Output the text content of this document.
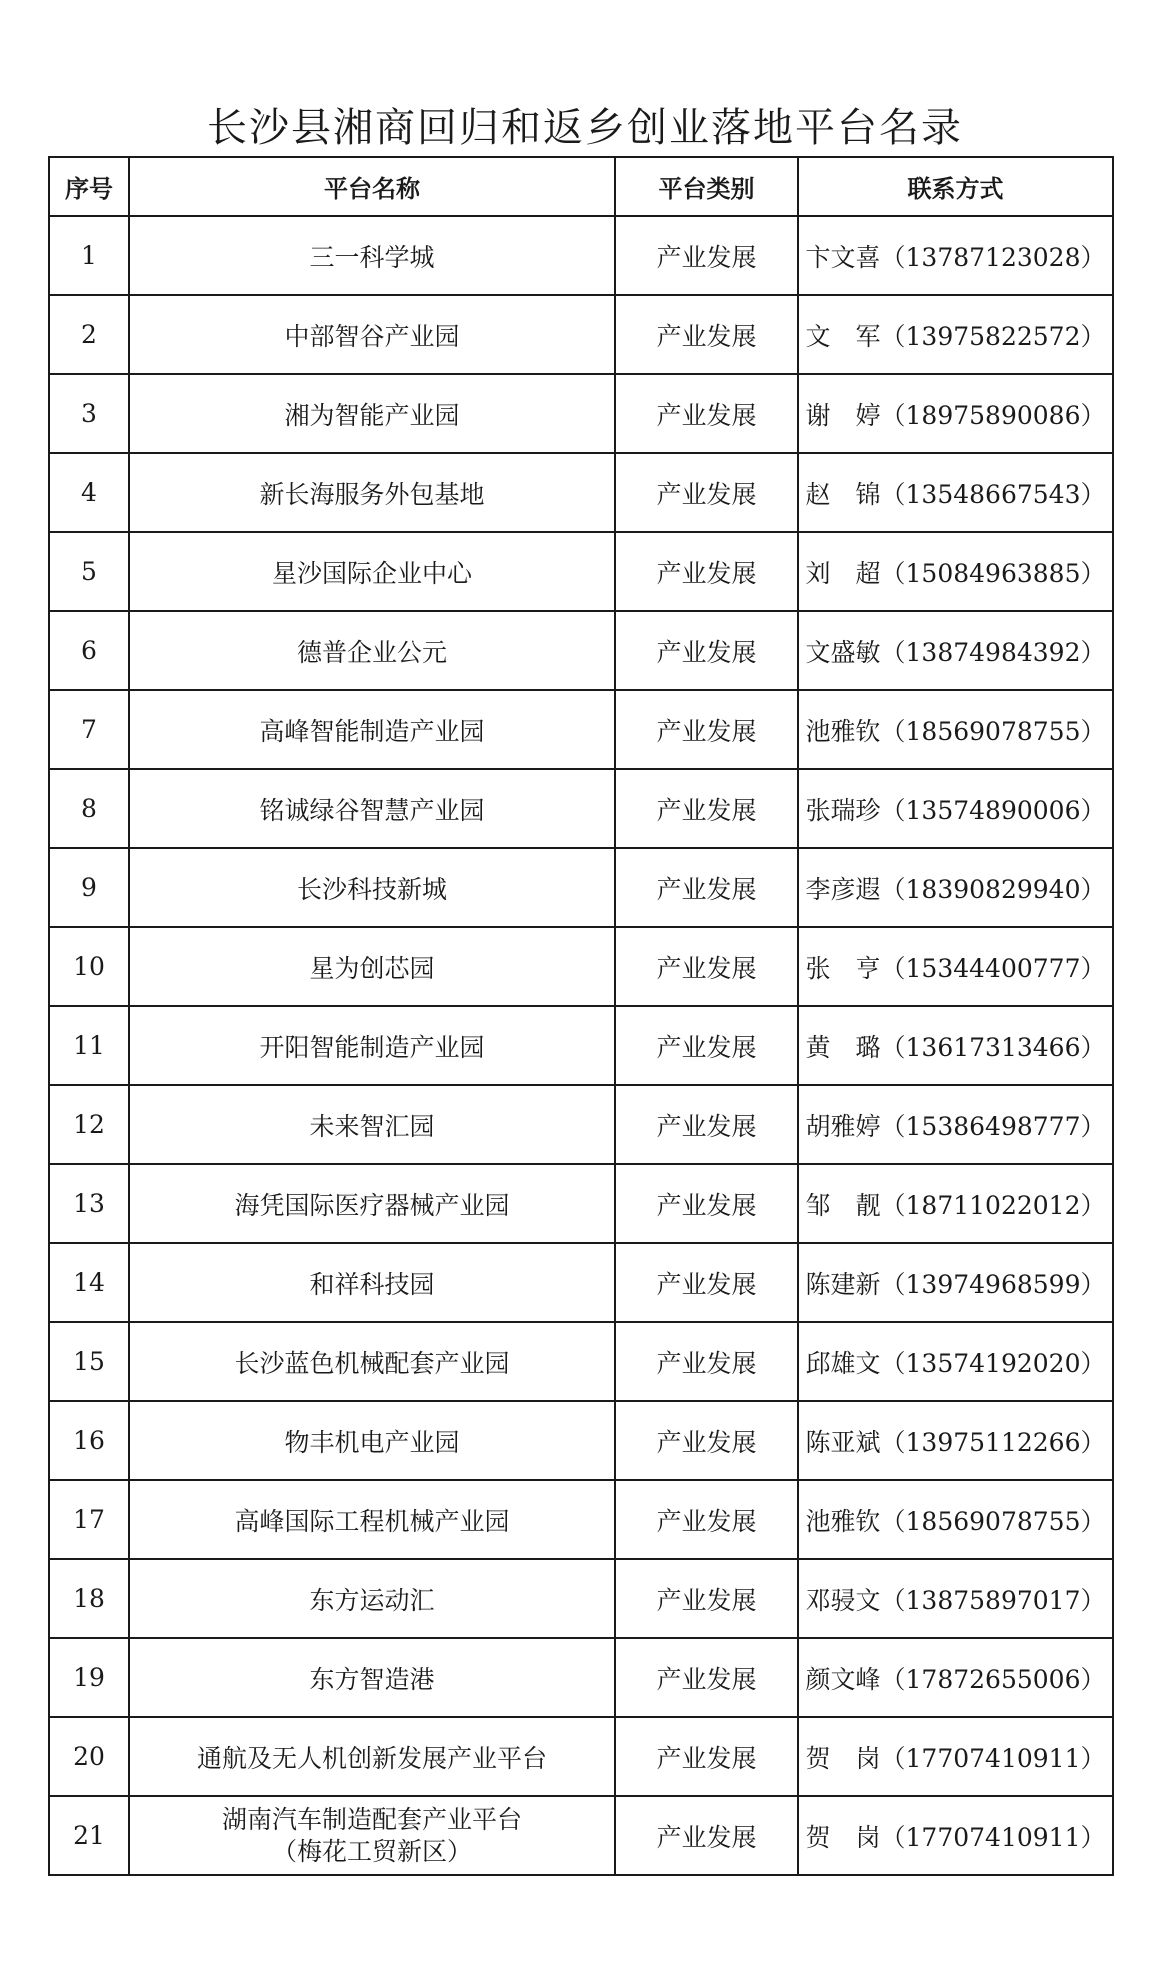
长沙县湘商回归和返乡创业落地平台名录
序号	平台名称	平台类别	联系方式
1	三一科学城	产业发展	卞文喜（13787123028）
2	中部智谷产业园	产业发展	文　军（13975822572）
3	湘为智能产业园	产业发展	谢　婷（18975890086）
4	新长海服务外包基地	产业发展	赵　锦（13548667543）
5	星沙国际企业中心	产业发展	刘　超（15084963885）
6	德普企业公元	产业发展	文盛敏（13874984392）
7	高峰智能制造产业园	产业发展	池雅钦（18569078755）
8	铭诚绿谷智慧产业园	产业发展	张瑞珍（13574890006）
9	长沙科技新城	产业发展	李彦遐（18390829940）
10	星为创芯园	产业发展	张　亨（15344400777）
11	开阳智能制造产业园	产业发展	黄　璐（13617313466）
12	未来智汇园	产业发展	胡雅婷（15386498777）
13	海凭国际医疗器械产业园	产业发展	邹　靓（18711022012）
14	和祥科技园	产业发展	陈建新（13974968599）
15	长沙蓝色机械配套产业园	产业发展	邱雄文（13574192020）
16	物丰机电产业园	产业发展	陈亚斌（13975112266）
17	高峰国际工程机械产业园	产业发展	池雅钦（18569078755）
18	东方运动汇	产业发展	邓骎文（13875897017）
19	东方智造港	产业发展	颜文峰（17872655006）
20	通航及无人机创新发展产业平台	产业发展	贺　岗（17707410911）
21	湖南汽车制造配套产业平台
（梅花工贸新区）	产业发展	贺　岗（17707410911）
